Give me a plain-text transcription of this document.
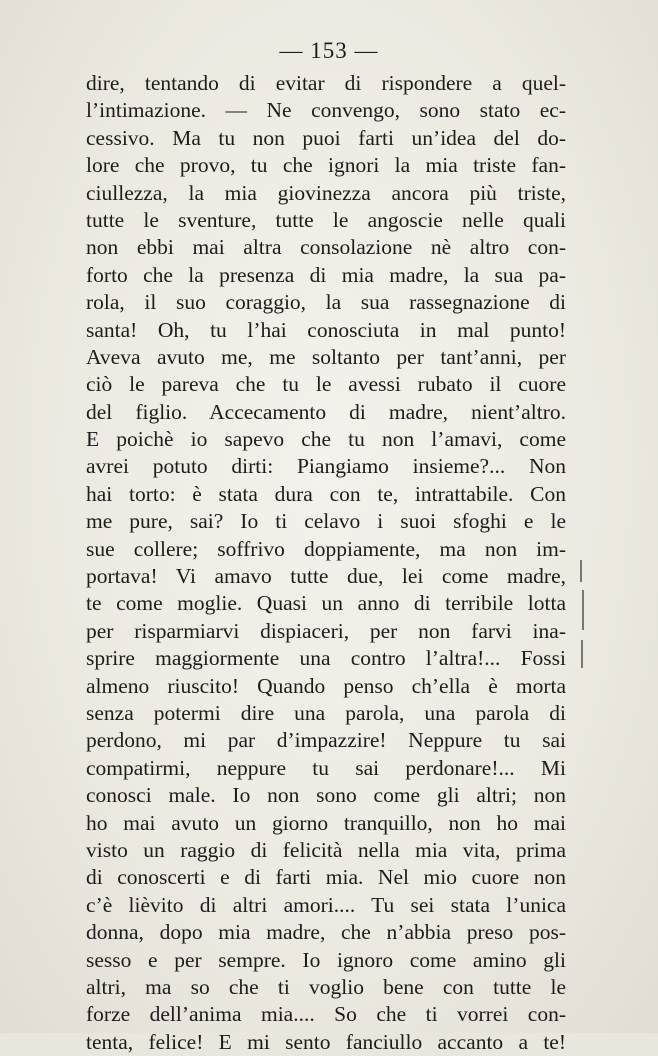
— 153 —
dire, tentando di evitar di rispondere a quel-
l’intimazione. — Ne convengo, sono stato ec-
cessivo. Ma tu non puoi farti un’idea del do-
lore che provo, tu che ignori la mia triste fan-
ciullezza, la mia giovinezza ancora più triste,
tutte le sventure, tutte le angoscie nelle quali
non ebbi mai altra consolazione nè altro con-
forto che la presenza di mia madre, la sua pa-
rola, il suo coraggio, la sua rassegnazione di
santa! Oh, tu l’hai conosciuta in mal punto!
Aveva avuto me, me soltanto per tant’anni, per
ciò le pareva che tu le avessi rubato il cuore
del figlio. Accecamento di madre, nient’altro.
E poichè io sapevo che tu non l’amavi, come
avrei potuto dirti: Piangiamo insieme?... Non
hai torto: è stata dura con te, intrattabile. Con
me pure, sai? Io ti celavo i suoi sfoghi e le
sue collere; soffrivo doppiamente, ma non im-
portava! Vi amavo tutte due, lei come madre,
te come moglie. Quasi un anno di terribile lotta
per risparmiarvi dispiaceri, per non farvi ina-
sprire maggiormente una contro l’altra!... Fossi
almeno riuscito! Quando penso ch’ella è morta
senza potermi dire una parola, una parola di
perdono, mi par d’impazzire! Neppure tu sai
compatirmi, neppure tu sai perdonare!... Mi
conosci male. Io non sono come gli altri; non
ho mai avuto un giorno tranquillo, non ho mai
visto un raggio di felicità nella mia vita, prima
di conoscerti e di farti mia. Nel mio cuore non
c’è lièvito di altri amori.... Tu sei stata l’unica
donna, dopo mia madre, che n’abbia preso pos-
sesso e per sempre. Io ignoro come amino gli
altri, ma so che ti voglio bene con tutte le
forze dell’anima mia.... So che ti vorrei con-
tenta, felice! E mi sento fanciullo accanto a te!
